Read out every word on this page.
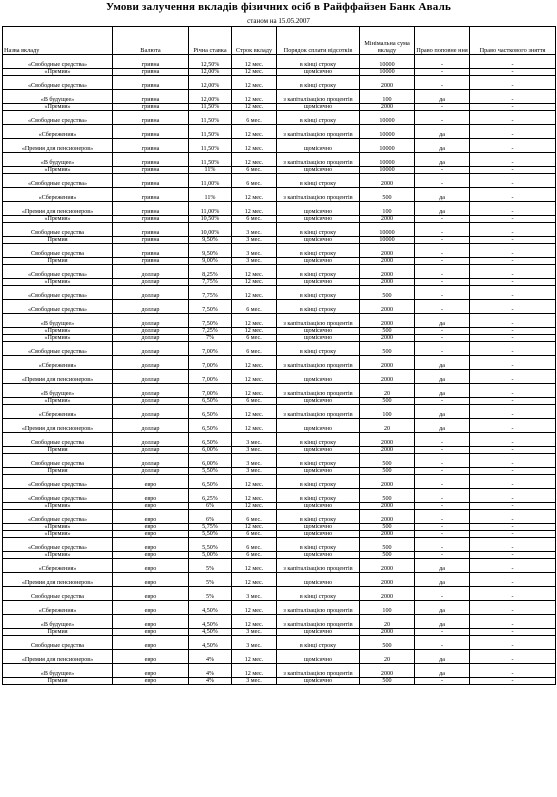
Умови залучення вкладів фізичних осіб в Райффайзен Банк Аваль
станом на 15.05.2007
Назва вкладу	Валюта	Річна ставка	Строк вкладу	Порядок сплати відсотків	Мінімальна сума вкладу	Право поповне ння	Право часткового зняття
«Свободные средства»	гривна	12,50%	12 мес.	в кінці строку	10000	-	-
«Премия»	гривна	12,00%	12 мес.	щомісячно	10000	-	-
«Свободные средства»	гривна	12,00%	12 мес.	в кінці строку	2000	-	-
«В будущее»	гривна	12,00%	12 мес.	з капіталізацією процентів	100	да	-
«Премия»	гривна	11,50%	12 мес.	щомісячно	2000	-	-
«Свободные средства»	гривна	11,50%	6 мес.	в кінці строку	10000	-	-
«Сбережения»	гривна	11,50%	12 мес.	з капіталізацією процентів	10000	да	-
«Премия для пенсионеров»	гривна	11,50%	12 мес.	щомісячно	10000	да	-
«В будущее»	гривна	11,50%	12 мес.	з капіталізацією процентів	10000	да	-
«Премия»	гривна	11%	6 мес.	щомісячно	10000	-	-
«Свободные средства»	гривна	11,00%	6 мес.	в кінці строку	2000	-	-
«Сбережения»	гривна	11%	12 мес.	з капіталізацією процентів	500	да	-
«Премия для пенсионеров»	гривна	11,00%	12 мес.	щомісячно	100	да	-
«Премия»	гривна	10,50%	6 мес.	щомісячно	2000	-	-
Свободные средства	гривна	10,00%	3 мес.	в кінці строку	10000	-	-
Премия	гривна	9,50%	3 мес.	щомісячно	10000	-	-
Свободные средства	гривна	9,50%	3 мес.	в кінці строку	2000	-	-
Премия	гривна	9,00%	3 мес.	щомісячно	2000	-	-
«Свободные средства»	доллар	8,25%	12 мес.	в кінці строку	2000	-	-
«Премия»	доллар	7,75%	12 мес.	щомісячно	2000	-	-
«Свободные средства»	доллар	7,75%	12 мес.	в кінці строку	500	-	-
«Свободные средства»	доллар	7,50%	6 мес.	в кінці строку	2000	-	-
«В будущее»	доллар	7,50%	12 мес.	з капіталізацією процентів	2000	да	-
«Премия»	доллар	7,25%	12 мес.	щомісячно	500	-	-
«Премия»	доллар	7%	6 мес.	щомісячно	2000	-	-
«Свободные средства»	доллар	7,00%	6 мес.	в кінці строку	500	-	-
«Сбережения»	доллар	7,00%	12 мес.	з капіталізацією процентів	2000	да	-
«Премия для пенсионеров»	доллар	7,00%	12 мес.	щомісячно	2000	да	-
«В будущее»	доллар	7,00%	12 мес.	з капіталізацією процентів	20	да	-
«Премия»	доллар	6,50%	6 мес.	щомісячно	500	-	-
«Сбережения»	доллар	6,50%	12 мес.	з капіталізацією процентів	100	да	-
«Премия для пенсионеров»	доллар	6,50%	12 мес.	щомісячно	20	да	-
Свободные средства	доллар	6,50%	3 мес.	в кінці строку	2000	-	-
Премия	доллар	6,00%	3 мес.	щомісячно	2000	-	-
Свободные средства	доллар	6,00%	3 мес.	в кінці строку	500	-	-
Премия	доллар	5,50%	3 мес.	щомісячно	500	-	-
«Свободные средства»	евро	6,50%	12 мес.	в кінці строку	2000	-	-
«Свободные средства»	евро	6,25%	12 мес.	в кінці строку	500	-	-
«Премия»	евро	6%	12 мес.	щомісячно	2000	-	-
«Свободные средства»	евро	6%	6 мес.	в кінці строку	2000	-	-
«Премия»	евро	5,75%	12 мес.	щомісячно	500	-	-
«Премия»	евро	5,50%	6 мес.	щомісячно	2000	-	-
«Свободные средства»	евро	5,50%	6 мес.	в кінці строку	500	-	-
«Премия»	евро	5,00%	6 мес.	щомісячно	500	-	-
«Сбережения»	евро	5%	12 мес.	з капіталізацією процентів	2000	да	-
«Премия для пенсионеров»	евро	5%	12 мес.	щомісячно	2000	да	-
Свободные средства	евро	5%	3 мес.	в кінці строку	2000	-	-
«Сбережения»	евро	4,50%	12 мес.	з капіталізацією процентів	100	да	-
«В будущее»	евро	4,50%	12 мес.	з капіталізацією процентів	20	да	-
Премия	евро	4,50%	3 мес.	щомісячно	2000	-	-
Свободные средства	евро	4,50%	3 мес.	в кінці строку	500	-	-
«Премия для пенсионеров»	евро	4%	12 мес.	щомісячно	20	да	-
«В будущее»	евро	4%	12 мес.	з капіталізацією процентів	2000	да	-
Премия	евро	4%	3 мес.	щомісячно	500	-	-
